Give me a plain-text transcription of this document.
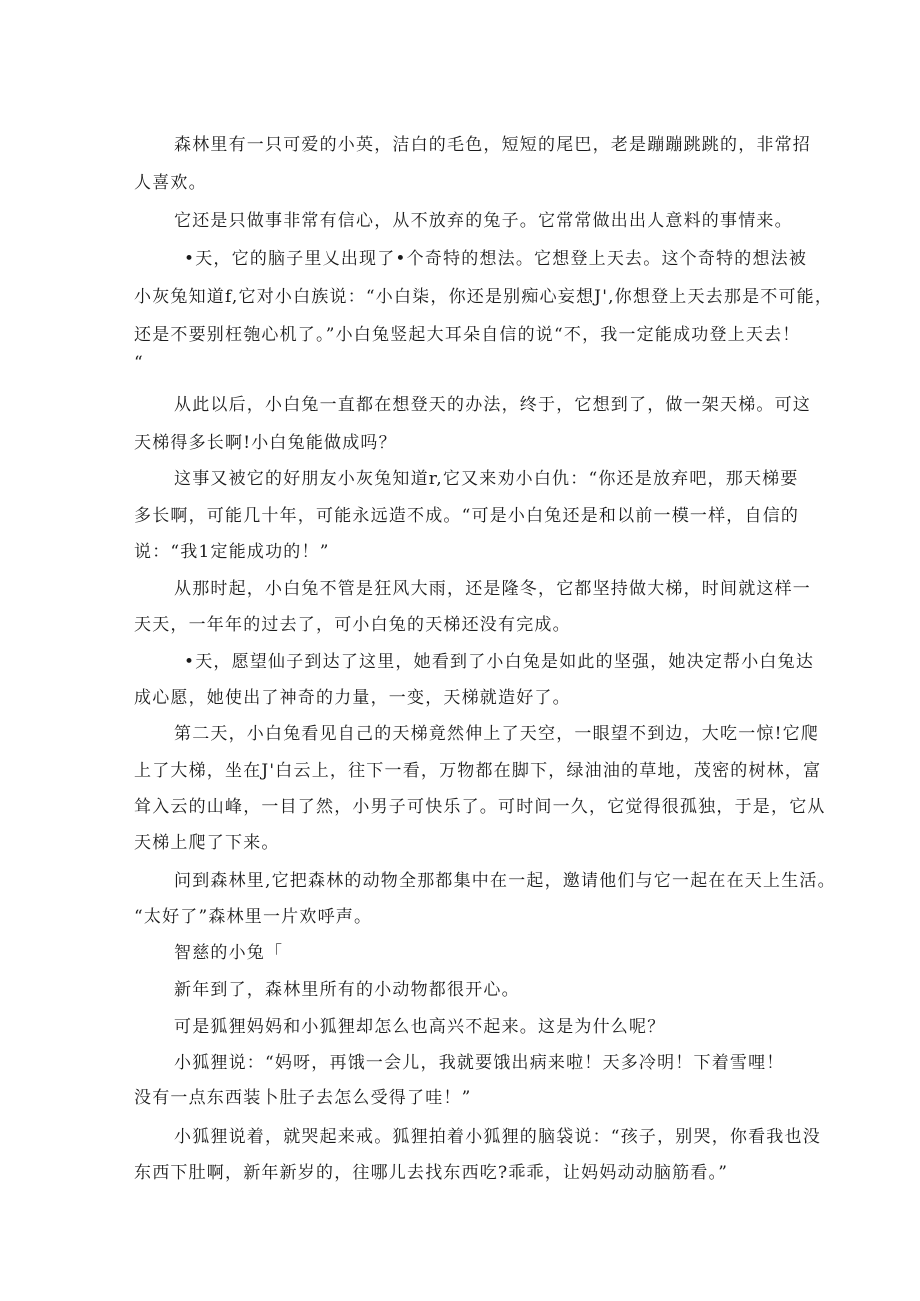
森林里有一只可爱的小英，洁白的毛色，短短的尾巴，老是蹦蹦跳跳的，非常招
人喜欢。
它还是只做事非常有信心，从不放弃的兔子。它常常做出出人意料的事情来。
•天，它的脑子里乂出现了•个奇特的想法。它想登上天去。这个奇特的想法被
小灰兔知道f,它对小白族说：“小白柒，你还是别痴心妄想J',你想登上天去那是不可能，
还是不要别枉匏心机了。”小白兔竖起大耳朵自信的说“不，我一定能成功登上天去！
“
从此以后，小白兔一直都在想登天的办法，终于，它想到了，做一架天梯。可这
天梯得多长啊!小白兔能做成吗？
这事又被它的好朋友小灰兔知道r,它又来劝小白仇：“你还是放弃吧，那天梯要
多长啊，可能几十年，可能永远造不成。“可是小白兔还是和以前一模一样，自信的
说：“我1定能成功的！”
从那时起，小白兔不管是狂风大雨，还是隆冬，它都坚持做大梯，时间就这样一
天天，一年年的过去了，可小白兔的天梯还没有完成。
•天，愿望仙子到达了这里，她看到了小白兔是如此的坚强，她决定帮小白兔达
成心愿，她使出了神奇的力量，一变，天梯就造好了。
第二天，小白兔看见自己的天梯竟然伸上了天空，一眼望不到边，大吃一惊!它爬
上了大梯，坐在J'白云上，往下一看，万物都在脚下，绿油油的草地，茂密的树林，富
耸入云的山峰，一目了然，小男子可快乐了。可时间一久，它觉得很孤独，于是，它从
天梯上爬了下来。
问到森林里,它把森林的动物全那都集中在一起，邀请他们与它一起在在天上生活。
“太好了”森林里一片欢呼声。
智慈的小兔「
新年到了，森林里所有的小动物都很开心。
可是狐狸妈妈和小狐狸却怎么也高兴不起来。这是为什么呢？
小狐狸说：“妈呀，再饿一会儿，我就要饿出病来啦！天多冷明！下着雪哩！
没有一点东西装卜肚子去怎么受得了哇！”
小狐狸说着，就哭起来戒。狐狸拍着小狐狸的脑袋说：“孩子，别哭，你看我也没
东西下肚啊，新年新岁的，往哪儿去找东西吃?乖乖，让妈妈动动脑筋看。”
